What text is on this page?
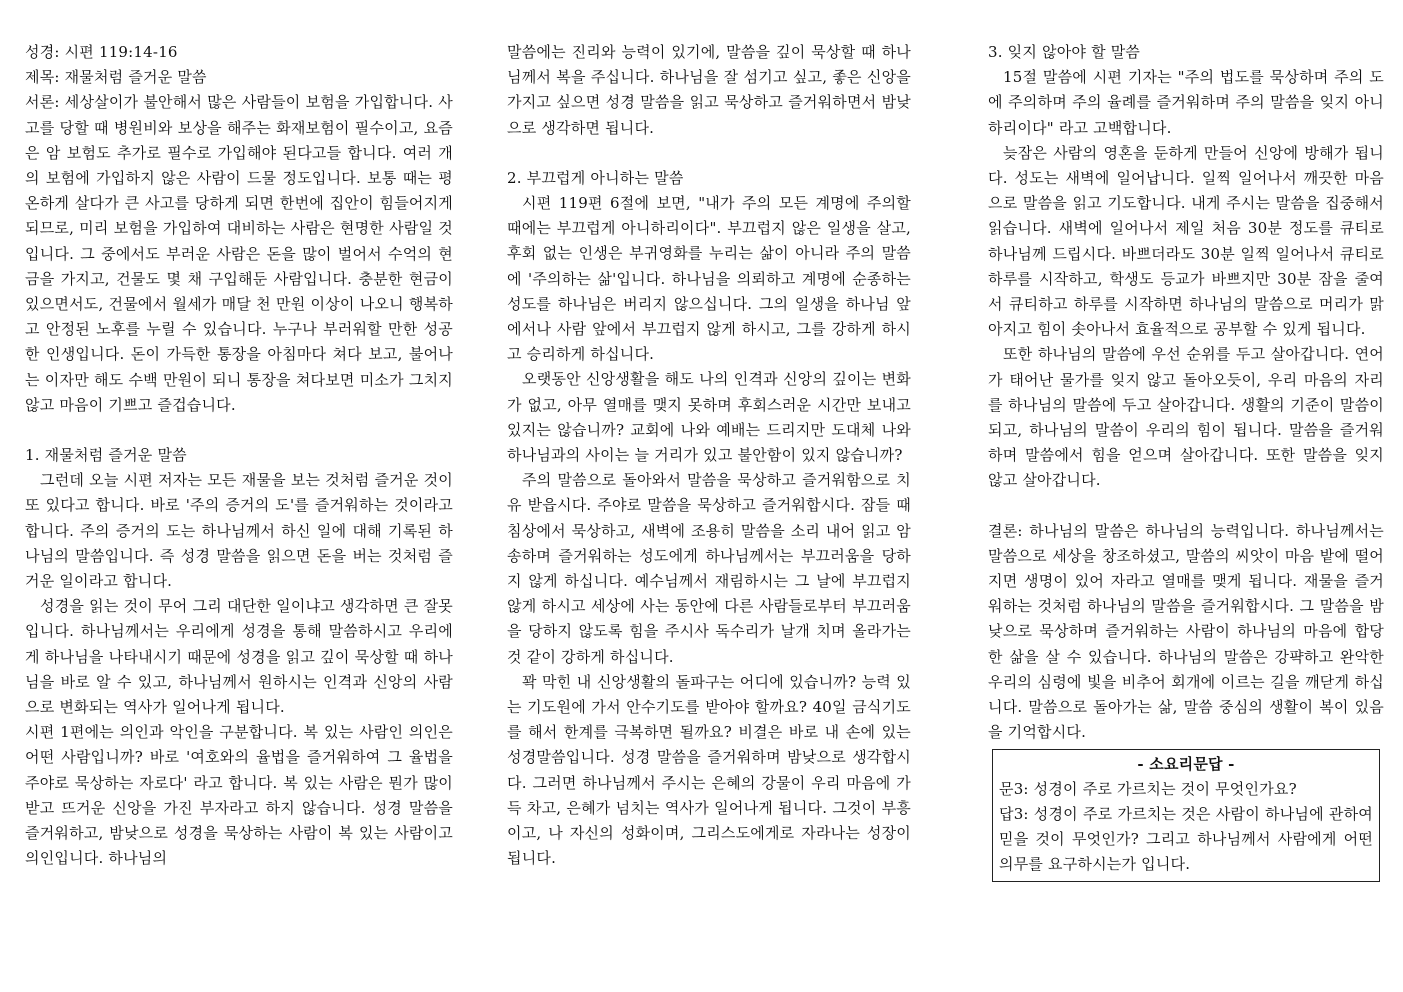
성경: 시편 119:14-16

제목: 재물처럼 즐거운 말씀

서론: 세상살이가 불안해서 많은 사람들이 보험을 가입합니다. 사고를 당할 때 병원비와 보상을 해주는 화재보험이 필수이고, 요즘은 암 보험도 추가로 필수로 가입해야 된다고들 합니다. 여러 개의 보험에 가입하지 않은 사람이 드물 정도입니다. 보통 때는 평온하게 살다가 큰 사고를 당하게 되면 한번에 집안이 힘들어지게 되므로, 미리 보험을 가입하여 대비하는 사람은 현명한 사람일 것입니다. 그 중에서도 부러운 사람은 돈을 많이 벌어서 수억의 현금을 가지고, 건물도 몇 채 구입해둔 사람입니다. 충분한 현금이 있으면서도, 건물에서 월세가 매달 천 만원 이상이 나오니 행복하고 안정된 노후를 누릴 수 있습니다. 누구나 부러워할 만한 성공한 인생입니다. 돈이 가득한 통장을 아침마다 쳐다 보고, 불어나는 이자만 해도 수백 만원이 되니 통장을 쳐다보면 미소가 그치지 않고 마음이 기쁘고 즐겁습니다.

1. 재물처럼 즐거운 말씀

그런데 오늘 시편 저자는 모든 재물을 보는 것처럼 즐거운 것이 또 있다고 합니다. 바로 '주의 증거의 도'를 즐거워하는 것이라고 합니다. 주의 증거의 도는 하나님께서 하신 일에 대해 기록된 하나님의 말씀입니다. 즉 성경 말씀을 읽으면 돈을 버는 것처럼 즐거운 일이라고 합니다.

성경을 읽는 것이 무어 그리 대단한 일이냐고 생각하면 큰 잘못입니다. 하나님께서는 우리에게 성경을 통해 말씀하시고 우리에게 하나님을 나타내시기 때문에 성경을 읽고 깊이 묵상할 때 하나님을 바로 알 수 있고, 하나님께서 원하시는 인격과 신앙의 사람으로 변화되는 역사가 일어나게 됩니다.

시편 1편에는 의인과 악인을 구분합니다. 복 있는 사람인 의인은 어떤 사람입니까? 바로 '여호와의 율법을 즐거워하여 그 율법을 주야로 묵상하는 자로다' 라고 합니다. 복 있는 사람은 뭔가 많이 받고 뜨거운 신앙을 가진 부자라고 하지 않습니다. 성경 말씀을 즐거워하고, 밤낮으로 성경을 묵상하는 사람이 복 있는 사람이고 의인입니다. 하나님의

말씀에는 진리와 능력이 있기에, 말씀을 깊이 묵상할 때 하나님께서 복을 주십니다. 하나님을 잘 섬기고 싶고, 좋은 신앙을 가지고 싶으면 성경 말씀을 읽고 묵상하고 즐거워하면서 밤낮으로 생각하면 됩니다.

2. 부끄럽게 아니하는 말씀

시편 119편 6절에 보면, "내가 주의 모든 계명에 주의할 때에는 부끄럽게 아니하리이다". 부끄럽지 않은 일생을 살고, 후회 없는 인생은 부귀영화를 누리는 삶이 아니라 주의 말씀에 '주의하는 삶'입니다. 하나님을 의뢰하고 계명에 순종하는 성도를 하나님은 버리지 않으십니다. 그의 일생을 하나님 앞에서나 사람 앞에서 부끄럽지 않게 하시고, 그를 강하게 하시고 승리하게 하십니다.

오랫동안 신앙생활을 해도 나의 인격과 신앙의 깊이는 변화가 없고, 아무 열매를 맺지 못하며 후회스러운 시간만 보내고 있지는 않습니까? 교회에 나와 예배는 드리지만 도대체 나와 하나님과의 사이는 늘 거리가 있고 불안함이 있지 않습니까?

주의 말씀으로 돌아와서 말씀을 묵상하고 즐거워함으로 치유 받읍시다. 주야로 말씀을 묵상하고 즐거워합시다. 잠들 때 침상에서 묵상하고, 새벽에 조용히 말씀을 소리 내어 읽고 암송하며 즐거워하는 성도에게 하나님께서는 부끄러움을 당하지 않게 하십니다. 예수님께서 재림하시는 그 날에 부끄럽지 않게 하시고 세상에 사는 동안에 다른 사람들로부터 부끄러움을 당하지 않도록 힘을 주시사 독수리가 날개 치며 올라가는 것 같이 강하게 하십니다.

꽉 막힌 내 신앙생활의 돌파구는 어디에 있습니까? 능력 있는 기도원에 가서 안수기도를 받아야 할까요? 40일 금식기도를 해서 한계를 극복하면 될까요? 비결은 바로 내 손에 있는 성경말씀입니다. 성경 말씀을 즐거워하며 밤낮으로 생각합시다. 그러면 하나님께서 주시는 은혜의 강물이 우리 마음에 가득 차고, 은혜가 넘치는 역사가 일어나게 됩니다. 그것이 부흥이고, 나 자신의 성화이며, 그리스도에게로 자라나는 성장이 됩니다.

3. 잊지 않아야 할 말씀

15절 말씀에 시편 기자는 "주의 법도를 묵상하며 주의 도에 주의하며 주의 율례를 즐거워하며 주의 말씀을 잊지 아니하리이다" 라고 고백합니다.

늦잠은 사람의 영혼을 둔하게 만들어 신앙에 방해가 됩니다. 성도는 새벽에 일어납니다. 일찍 일어나서 깨끗한 마음으로 말씀을 읽고 기도합니다. 내게 주시는 말씀을 집중해서 읽습니다. 새벽에 일어나서 제일 처음 30분 정도를 큐티로 하나님께 드립시다. 바쁘더라도 30분 일찍 일어나서 큐티로 하루를 시작하고, 학생도 등교가 바쁘지만 30분 잠을 줄여서 큐티하고 하루를 시작하면 하나님의 말씀으로 머리가 맑아지고 힘이 솟아나서 효율적으로 공부할 수 있게 됩니다.

또한 하나님의 말씀에 우선 순위를 두고 살아갑니다. 연어가 태어난 물가를 잊지 않고 돌아오듯이, 우리 마음의 자리를 하나님의 말씀에 두고 살아갑니다. 생활의 기준이 말씀이 되고, 하나님의 말씀이 우리의 힘이 됩니다. 말씀을 즐거워하며 말씀에서 힘을 얻으며 살아갑니다. 또한 말씀을 잊지 않고 살아갑니다.

결론: 하나님의 말씀은 하나님의 능력입니다. 하나님께서는 말씀으로 세상을 창조하셨고, 말씀의 씨앗이 마음 밭에 떨어지면 생명이 있어 자라고 열매를 맺게 됩니다. 재물을 즐거워하는 것처럼 하나님의 말씀을 즐거워합시다. 그 말씀을 밤낮으로 묵상하며 즐거워하는 사람이 하나님의 마음에 합당한 삶을 살 수 있습니다. 하나님의 말씀은 강퍅하고 완악한 우리의 심령에 빛을 비추어 회개에 이르는 길을 깨닫게 하십니다. 말씀으로 돌아가는 삶, 말씀 중심의 생활이 복이 있음을 기억합시다.

- 소요리문답 -

문3: 성경이 주로 가르치는 것이 무엇인가요?

답3: 성경이 주로 가르치는 것은 사람이 하나님에 관하여 믿을 것이 무엇인가? 그리고 하나님께서 사람에게 어떤 의무를 요구하시는가 입니다.
